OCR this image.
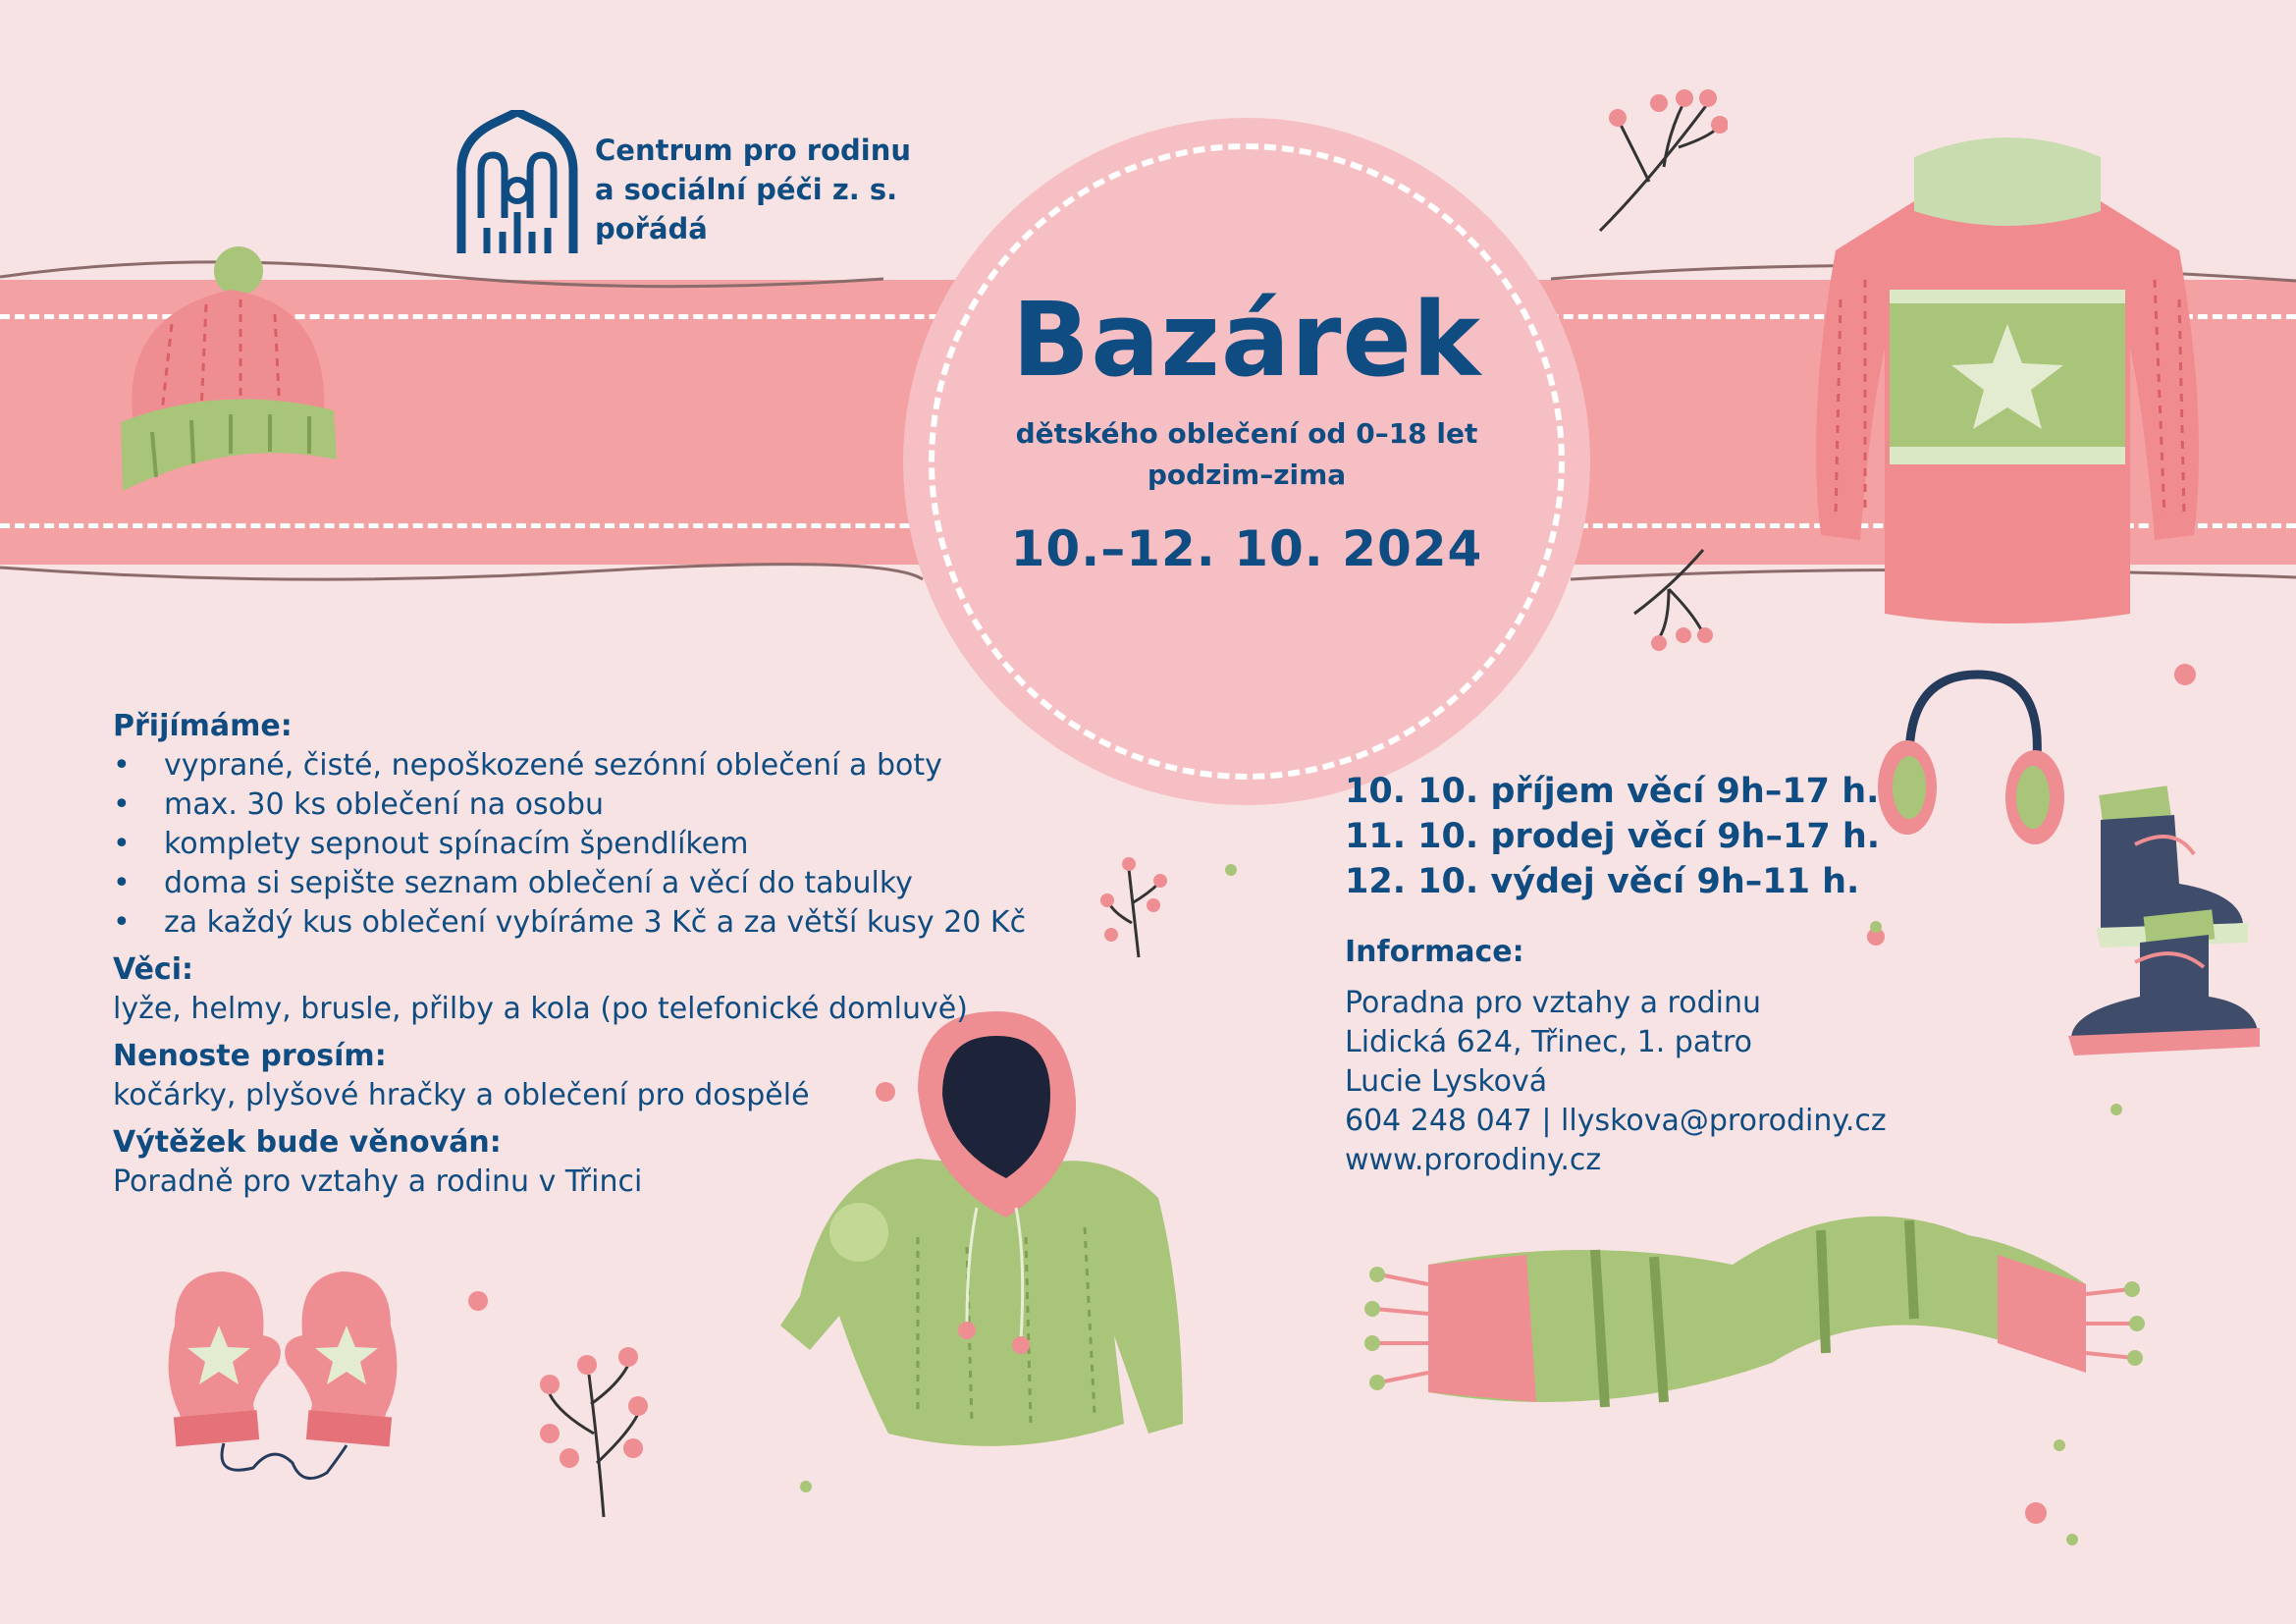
Bazárek
dětského oblečení od 0–18 let
podzim–zima
10.–12. 10. 2024
Centrum pro rodinu
a sociální péči z. s.
pořádá
Přijímáme:
• vyprané, čisté, nepoškozené sezónní oblečení a boty
• max. 30 ks oblečení na osobu
• komplety sepnout spínacím špendlíkem
• doma si sepište seznam oblečení a věcí do tabulky
• za každý kus oblečení vybíráme 3 Kč a za větší kusy 20 Kč
Věci:
lyže, helmy, brusle, přilby a kola (po telefonické domluvě)
Nenoste prosím:
kočárky, plyšové hračky a oblečení pro dospělé
Výtěžek bude věnován:
Poradně pro vztahy a rodinu v Třinci
10. 10. příjem věcí 9h–17 h.
11. 10. prodej věcí 9h–17 h.
12. 10. výdej věcí 9h–11 h.
Informace:
Poradna pro vztahy a rodinu
Lidická 624, Třinec, 1. patro
Lucie Lysková
604 248 047 | llyskova@prorodiny.cz
www.prorodiny.cz
